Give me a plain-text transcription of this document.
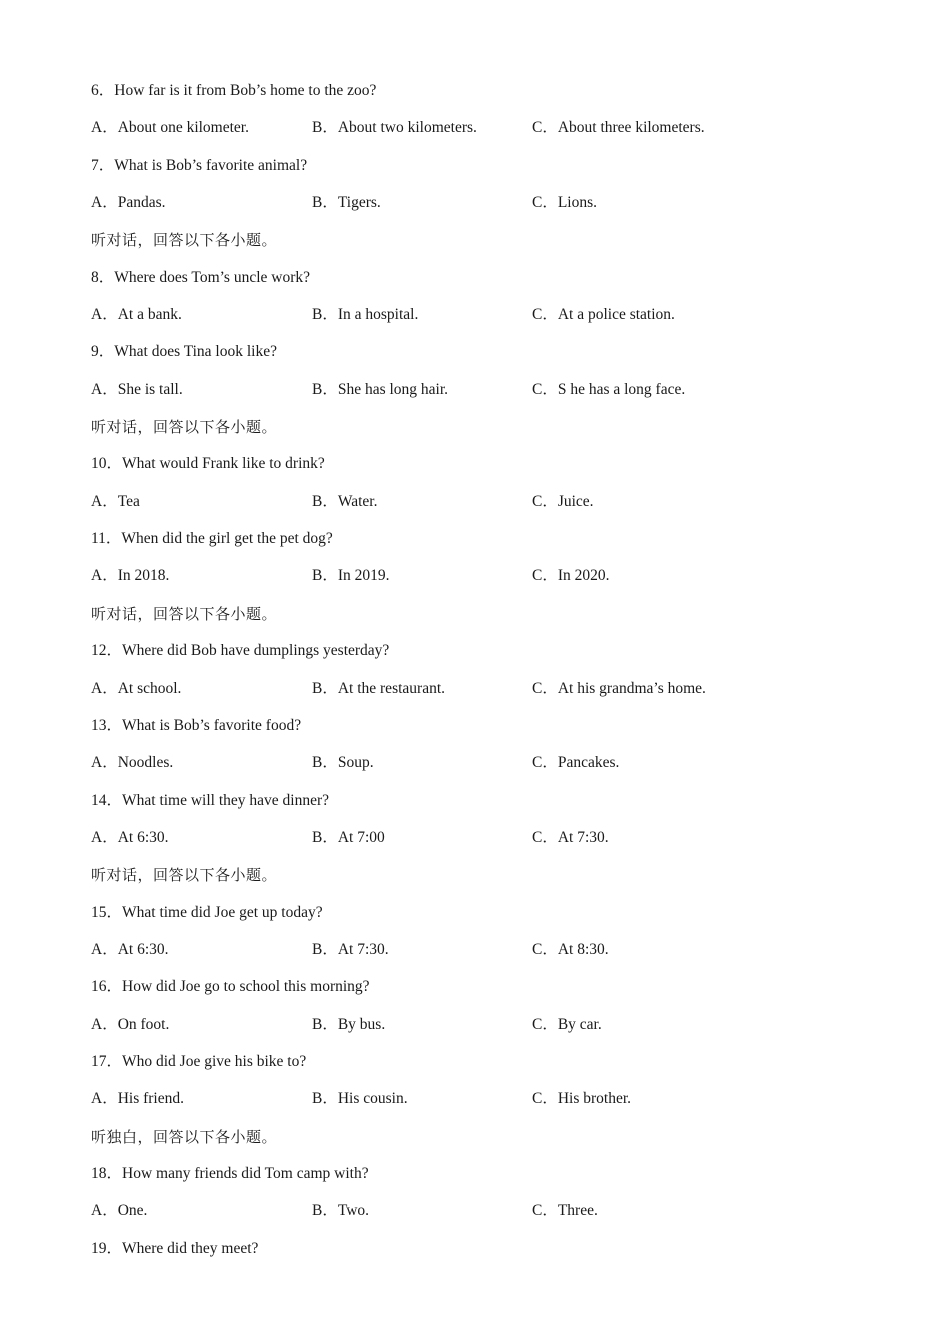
6．How far is it from Bob’s home to the zoo?
A．About one kilometer.	B．About two kilometers.	C．About three kilometers.
7．What is Bob’s favorite animal?
A．Pandas.	B．Tigers.	C．Lions.
听对话，回答以下各小题。
8．Where does Tom’s uncle work?
A．At a bank.	B．In a hospital.	C．At a police station.
9．What does Tina look like?
A．She is tall.	B．She has long hair.	C．S he has a long face.
听对话，回答以下各小题。
10．What would Frank like to drink?
A．Tea	B．Water.	C．Juice.
11．When did the girl get the pet dog?
A．In 2018.	B．In 2019.	C．In 2020.
听对话，回答以下各小题。
12．Where did Bob have dumplings yesterday?
A．At school.	B．At the restaurant.	C．At his grandma’s home.
13．What is Bob’s favorite food?
A．Noodles.	B．Soup.	C．Pancakes.
14．What time will they have dinner?
A．At 6:30.	B．At 7:00	C．At 7:30.
听对话，回答以下各小题。
15．What time did Joe get up today?
A．At 6:30.	B．At 7:30.	C．At 8:30.
16．How did Joe go to school this morning?
A．On foot.	B．By bus.	C．By car.
17．Who did Joe give his bike to?
A．His friend.	B．His cousin.	C．His brother.
听独白，回答以下各小题。
18．How many friends did Tom camp with?
A．One.	B．Two.	C．Three.
19．Where did they meet?
